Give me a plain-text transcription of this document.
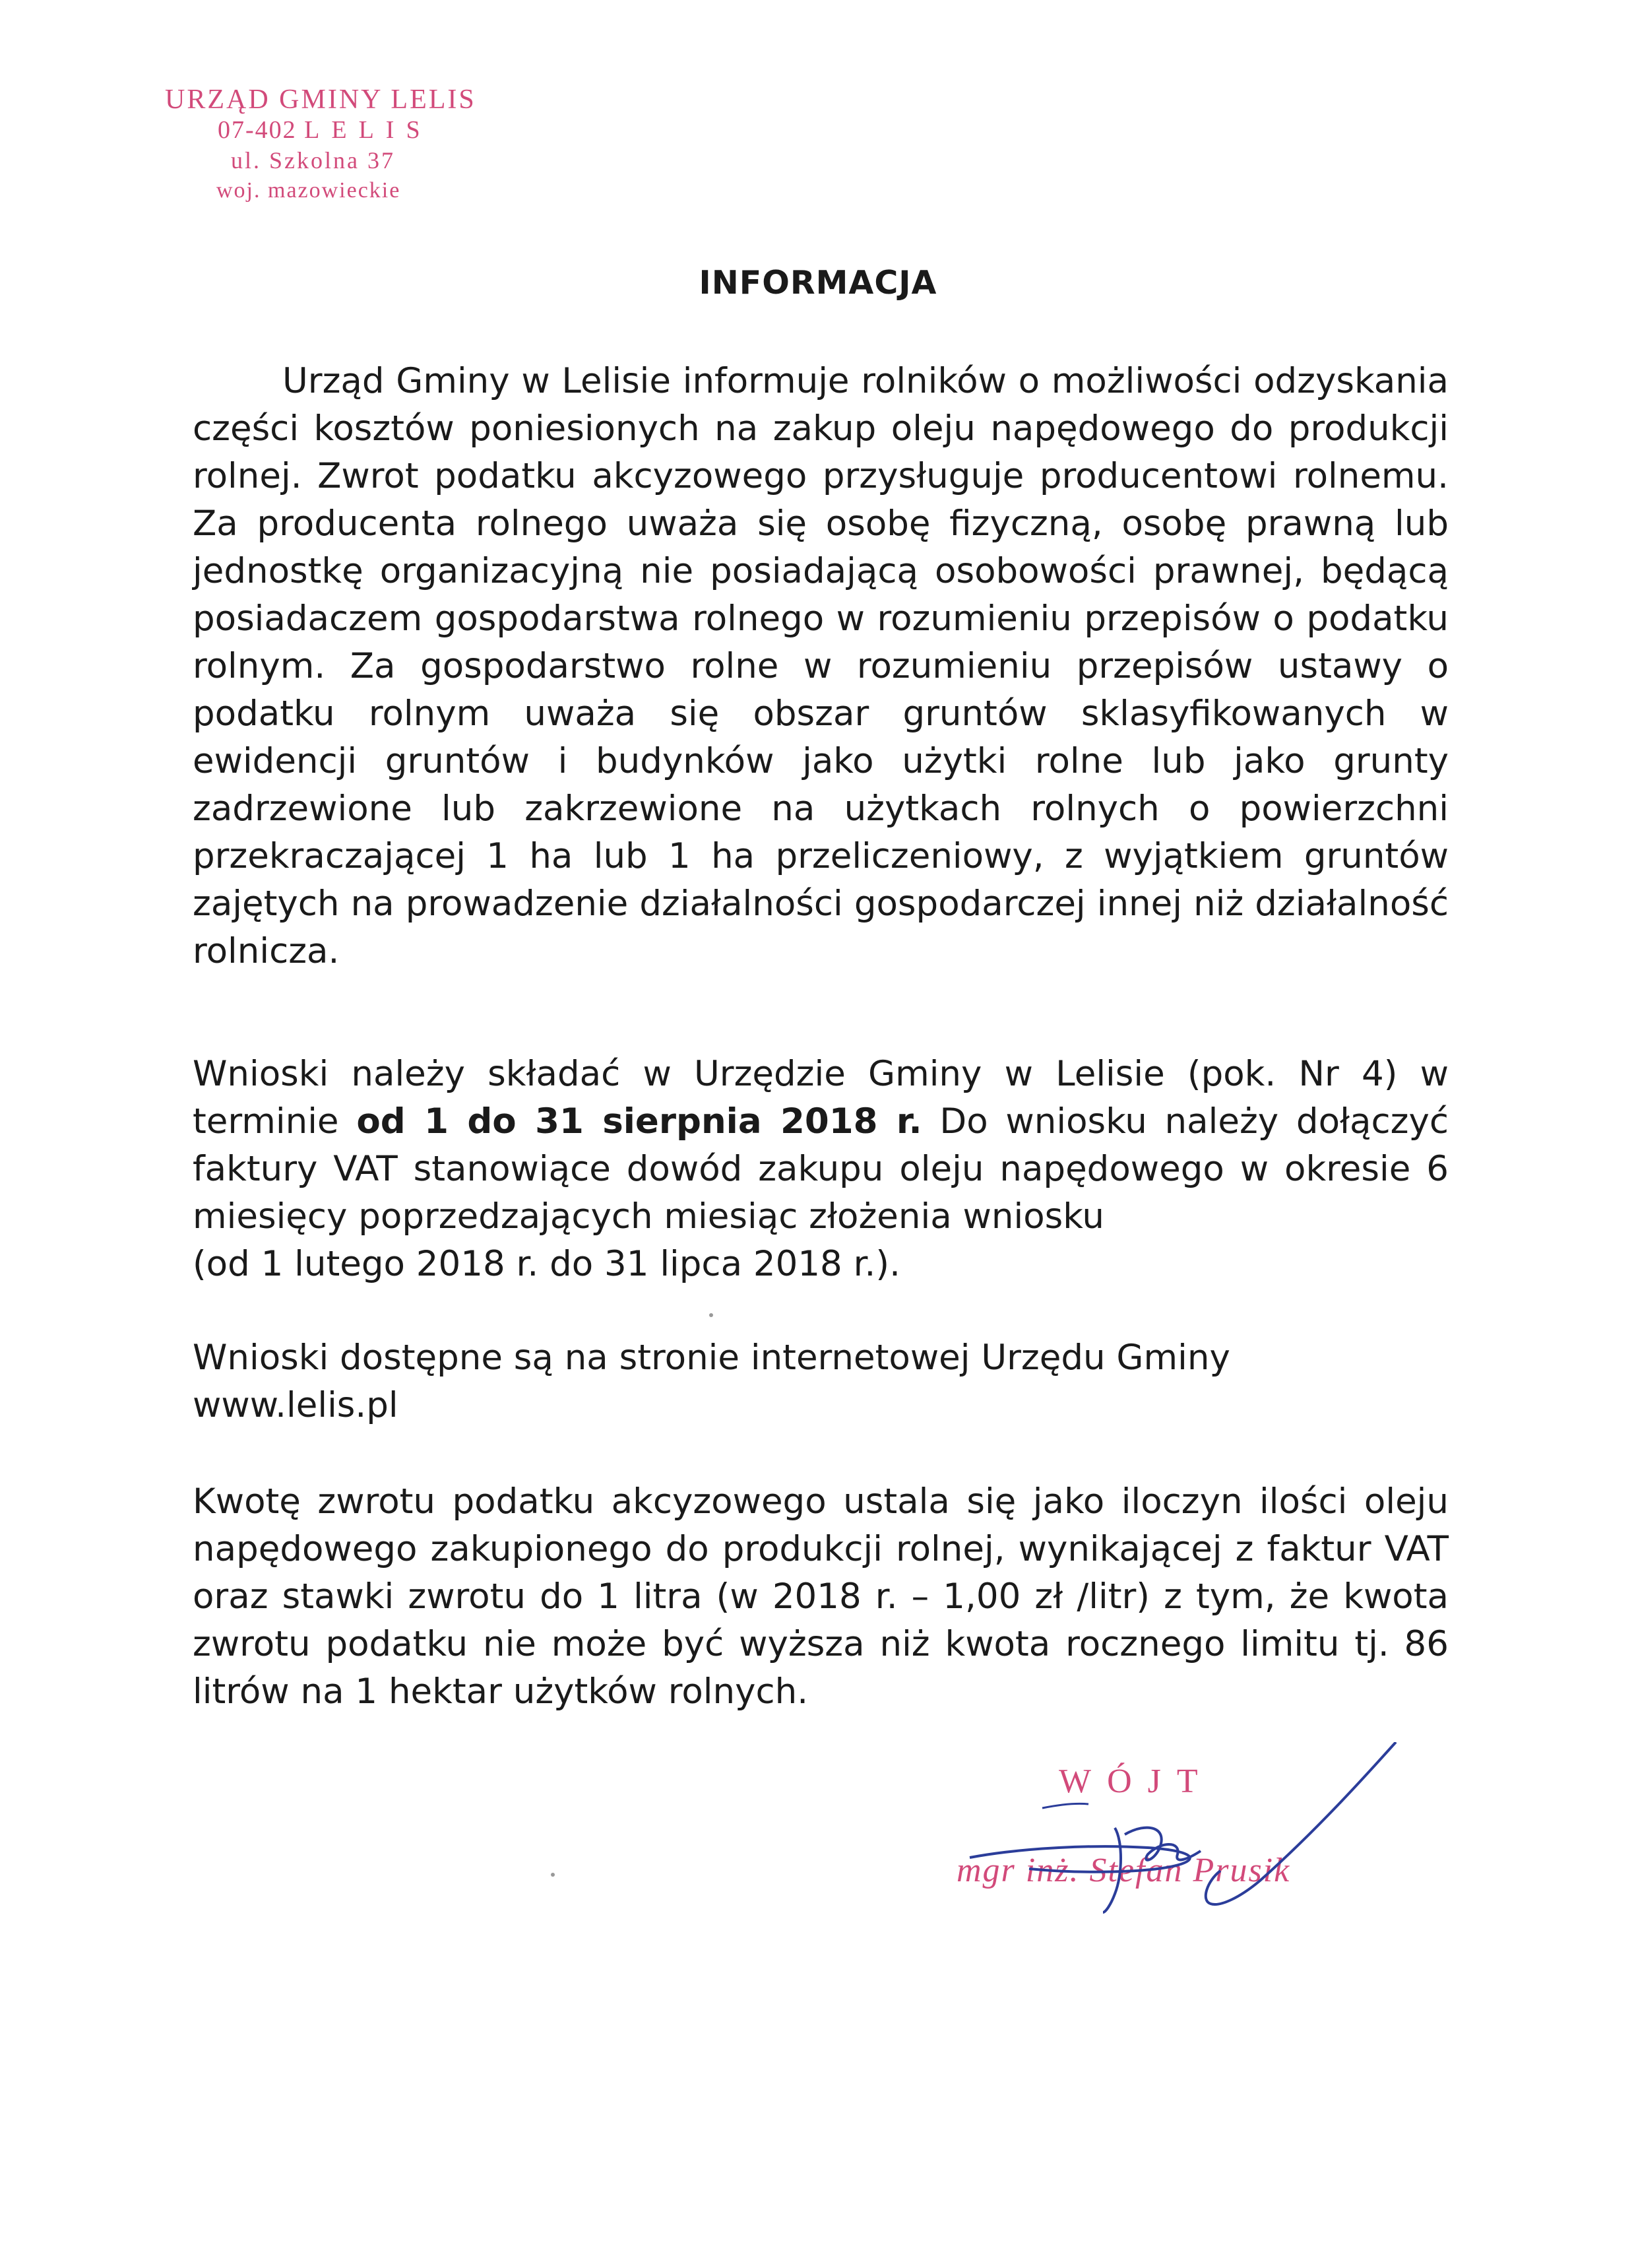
URZĄD GMINY LELIS
07-402 LELIS
ul. Szkolna 37
woj. mazowieckie
INFORMACJA

Urząd Gminy w Lelisie informuje rolników o możliwości odzyskania części kosztów poniesionych na zakup oleju napędowego do produkcji rolnej. Zwrot podatku akcyzowego przysługuje producentowi rolnemu. Za producenta rolnego uważa się osobę fizyczną, osobę prawną lub jednostkę organizacyjną nie posiadającą osobowości prawnej, będącą posiadaczem gospodarstwa rolnego w rozumieniu przepisów o podatku rolnym. Za gospodarstwo rolne w rozumieniu przepisów ustawy o podatku rolnym uważa się obszar gruntów sklasyfikowanych w ewidencji gruntów i budynków jako użytki rolne lub jako grunty zadrzewione lub zakrzewione na użytkach rolnych o powierzchni przekraczającej 1 ha lub 1 ha przeliczeniowy, z wyjątkiem gruntów zajętych na prowadzenie działalności gospodarczej innej niż działalność rolnicza.

Wnioski należy składać w Urzędzie Gminy w Lelisie (pok. Nr 4) w terminie od 1 do 31 sierpnia 2018 r. Do wniosku należy dołączyć faktury VAT stanowiące dowód zakupu oleju napędowego w okresie 6 miesięcy poprzedzających miesiąc złożenia wniosku
(od 1 lutego 2018 r. do 31 lipca 2018 r.).

Wnioski dostępne są na stronie internetowej Urzędu Gminy
www.lelis.pl

Kwotę zwrotu podatku akcyzowego ustala się jako iloczyn ilości oleju napędowego zakupionego do produkcji rolnej, wynikającej z faktur VAT oraz stawki zwrotu do 1 litra (w 2018 r. – 1,00 zł /litr) z tym, że kwota zwrotu podatku nie może być wyższa niż kwota rocznego limitu tj. 86 litrów na 1 hektar użytków rolnych.

WÓJT
mgr inż. Stefan Prusik
